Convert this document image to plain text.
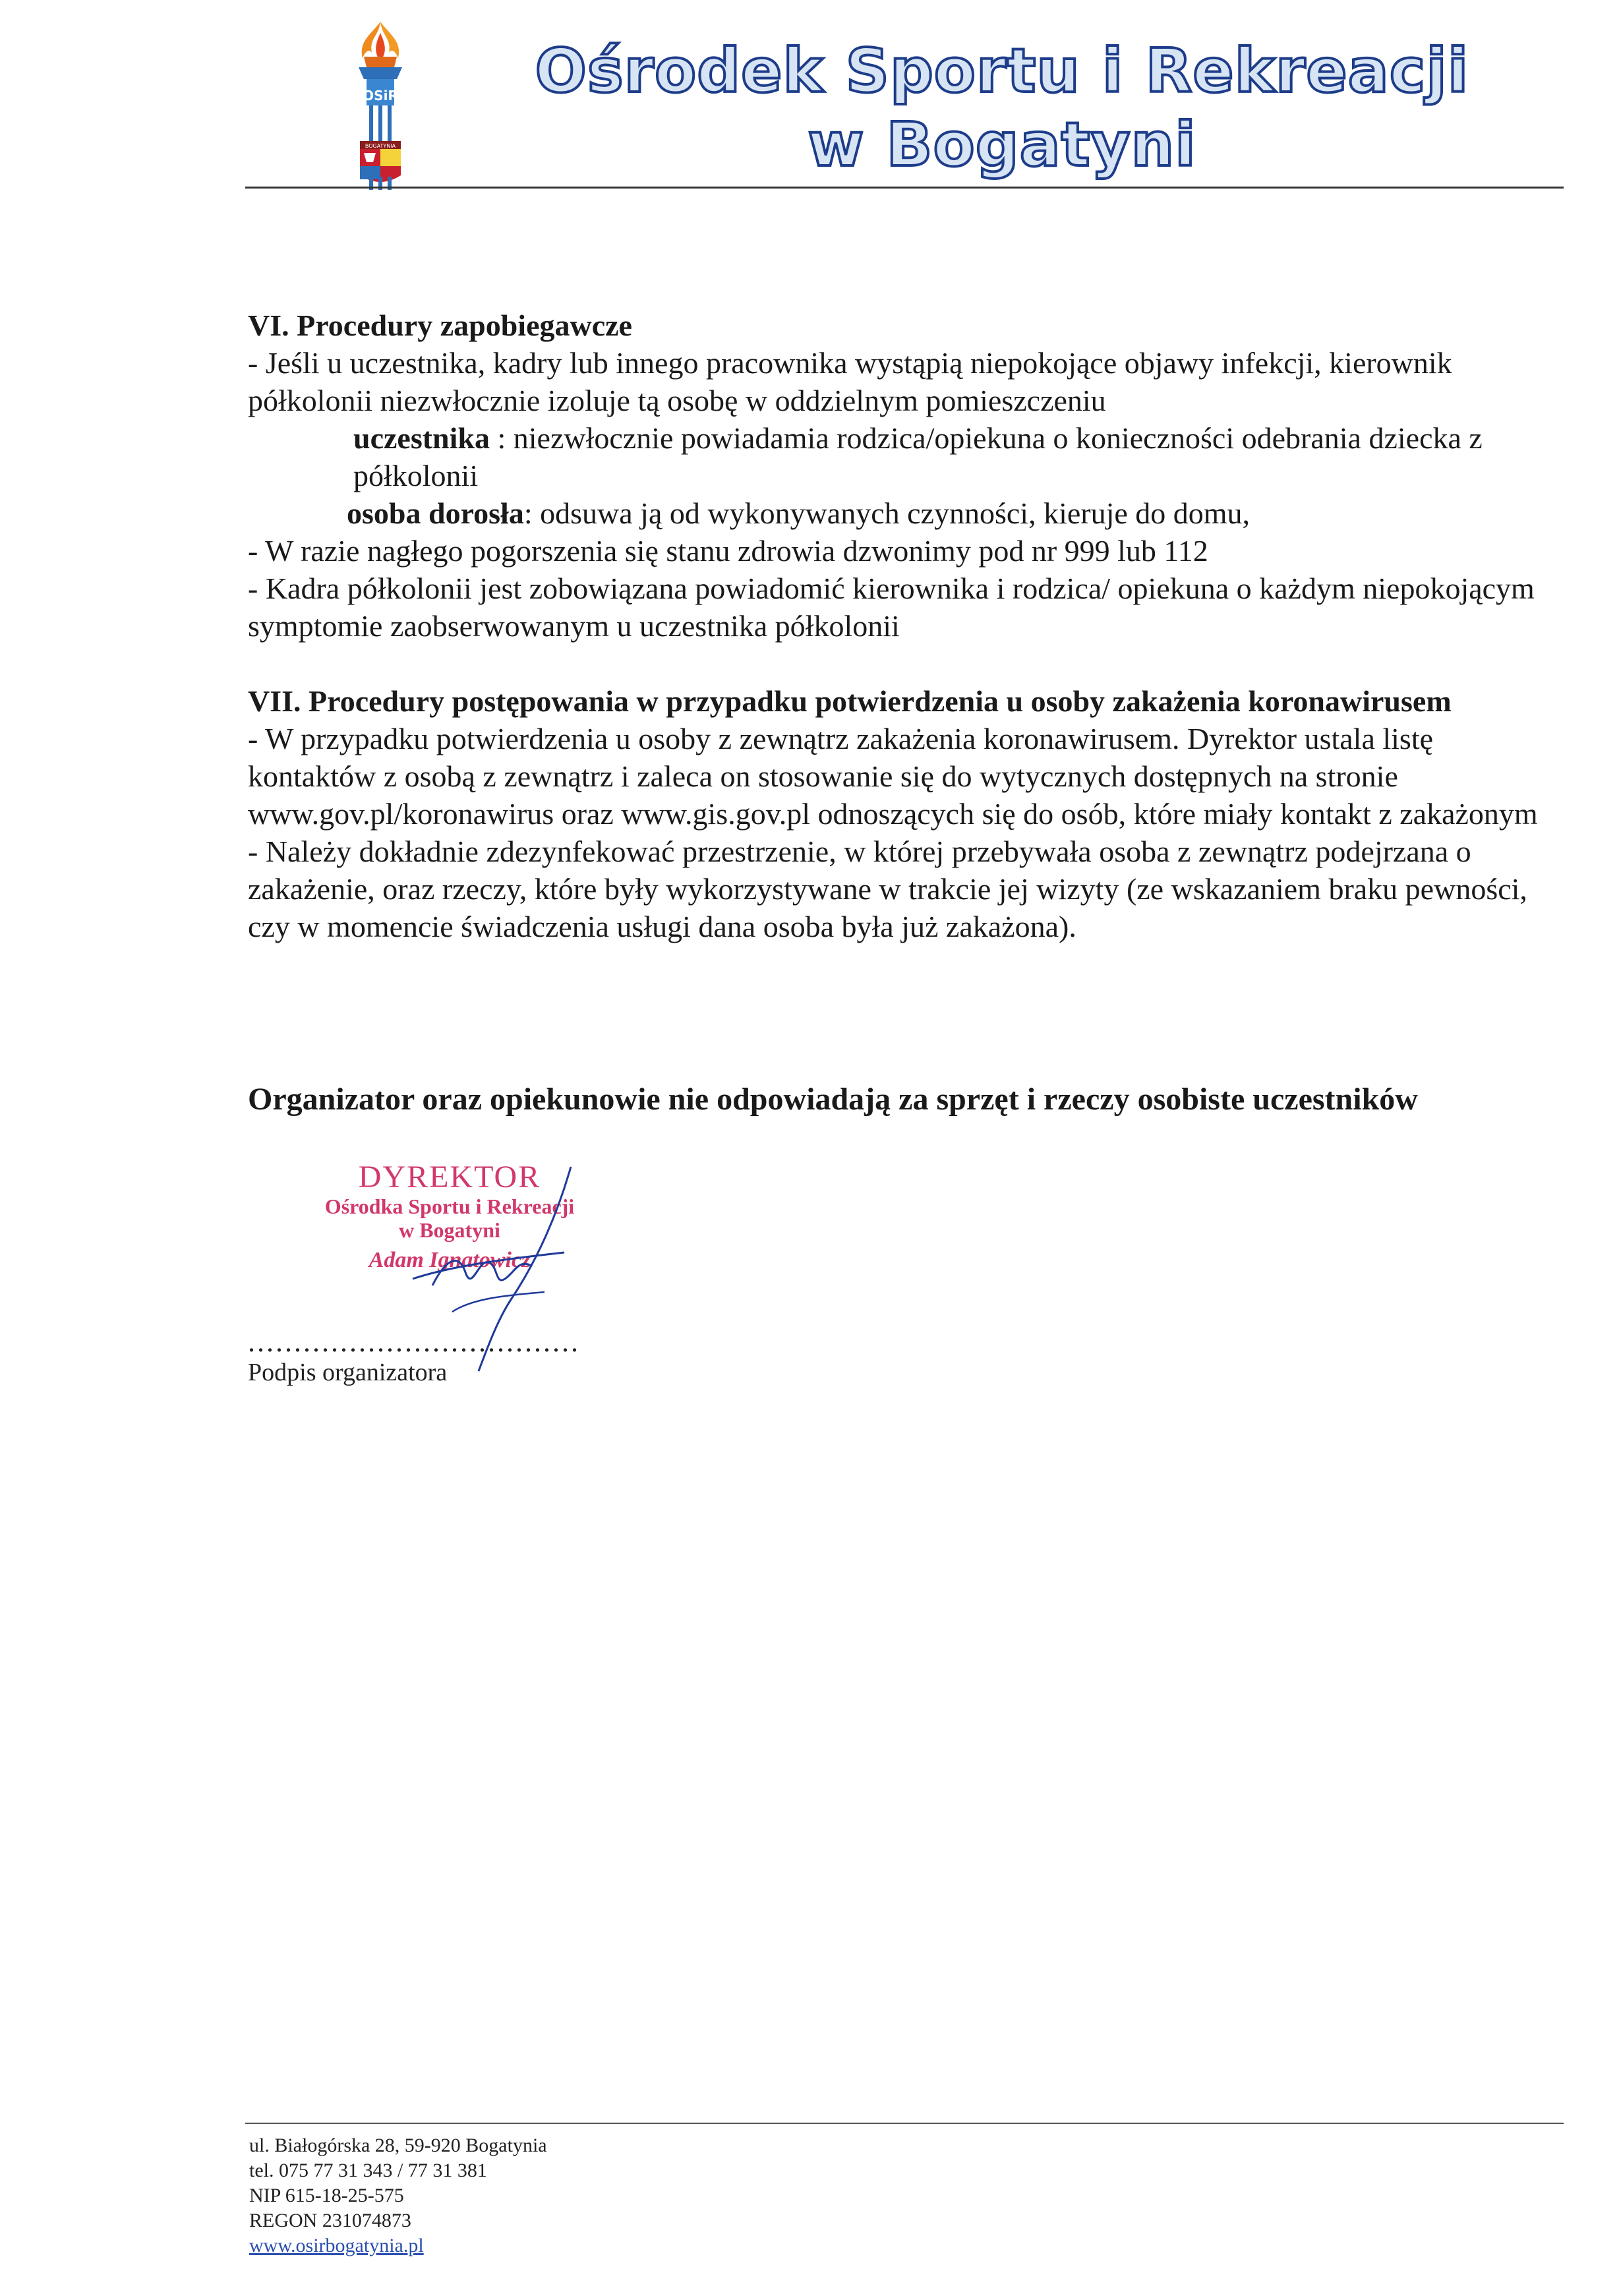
OSiR
BOGATYNIA
Ośrodek Sportu i Rekreacji
w Bogatyni

VI. Procedury zapobiegawcze

- Jeśli u uczestnika, kadry lub innego pracownika wystąpią niepokojące objawy infekcji, kierownik półkolonii niezwłocznie izoluje tą osobę w oddzielnym pomieszczeniu

uczestnika : niezwłocznie powiadamia rodzica/opiekuna o konieczności odebrania dziecka z półkolonii

osoba dorosła: odsuwa ją od wykonywanych czynności, kieruje do domu,

- W razie nagłego pogorszenia się stanu zdrowia dzwonimy pod nr 999 lub 112

- Kadra półkolonii jest zobowiązana powiadomić kierownika i rodzica/ opiekuna o każdym niepokojącym symptomie zaobserwowanym u uczestnika półkolonii

VII. Procedury postępowania w przypadku potwierdzenia u osoby zakażenia koronawirusem

- W przypadku potwierdzenia u osoby z zewnątrz zakażenia koronawirusem. Dyrektor ustala listę kontaktów z osobą z zewnątrz i zaleca on stosowanie się do wytycznych dostępnych na stronie www.gov.pl/koronawirus oraz www.gis.gov.pl odnoszących się do osób, które miały kontakt z zakażonym

- Należy dokładnie zdezynfekować przestrzenie, w której przebywała osoba z zewnątrz podejrzana o zakażenie, oraz rzeczy, które były wykorzystywane w trakcie jej wizyty (ze wskazaniem braku pewności, czy w momencie świadczenia usługi dana osoba była już zakażona).

Organizator oraz opiekunowie nie odpowiadają za sprzęt i rzeczy osobiste uczestników
DYREKTOR
Ośrodka Sportu i Rekreacji
w Bogatyni
Adam Ignatowicz
....................................
Podpis organizatora
ul. Białogórska 28, 59-920 Bogatynia
tel. 075 77 31 343 / 77 31 381
NIP 615-18-25-575
REGON 231074873
www.osirbogatynia.pl
